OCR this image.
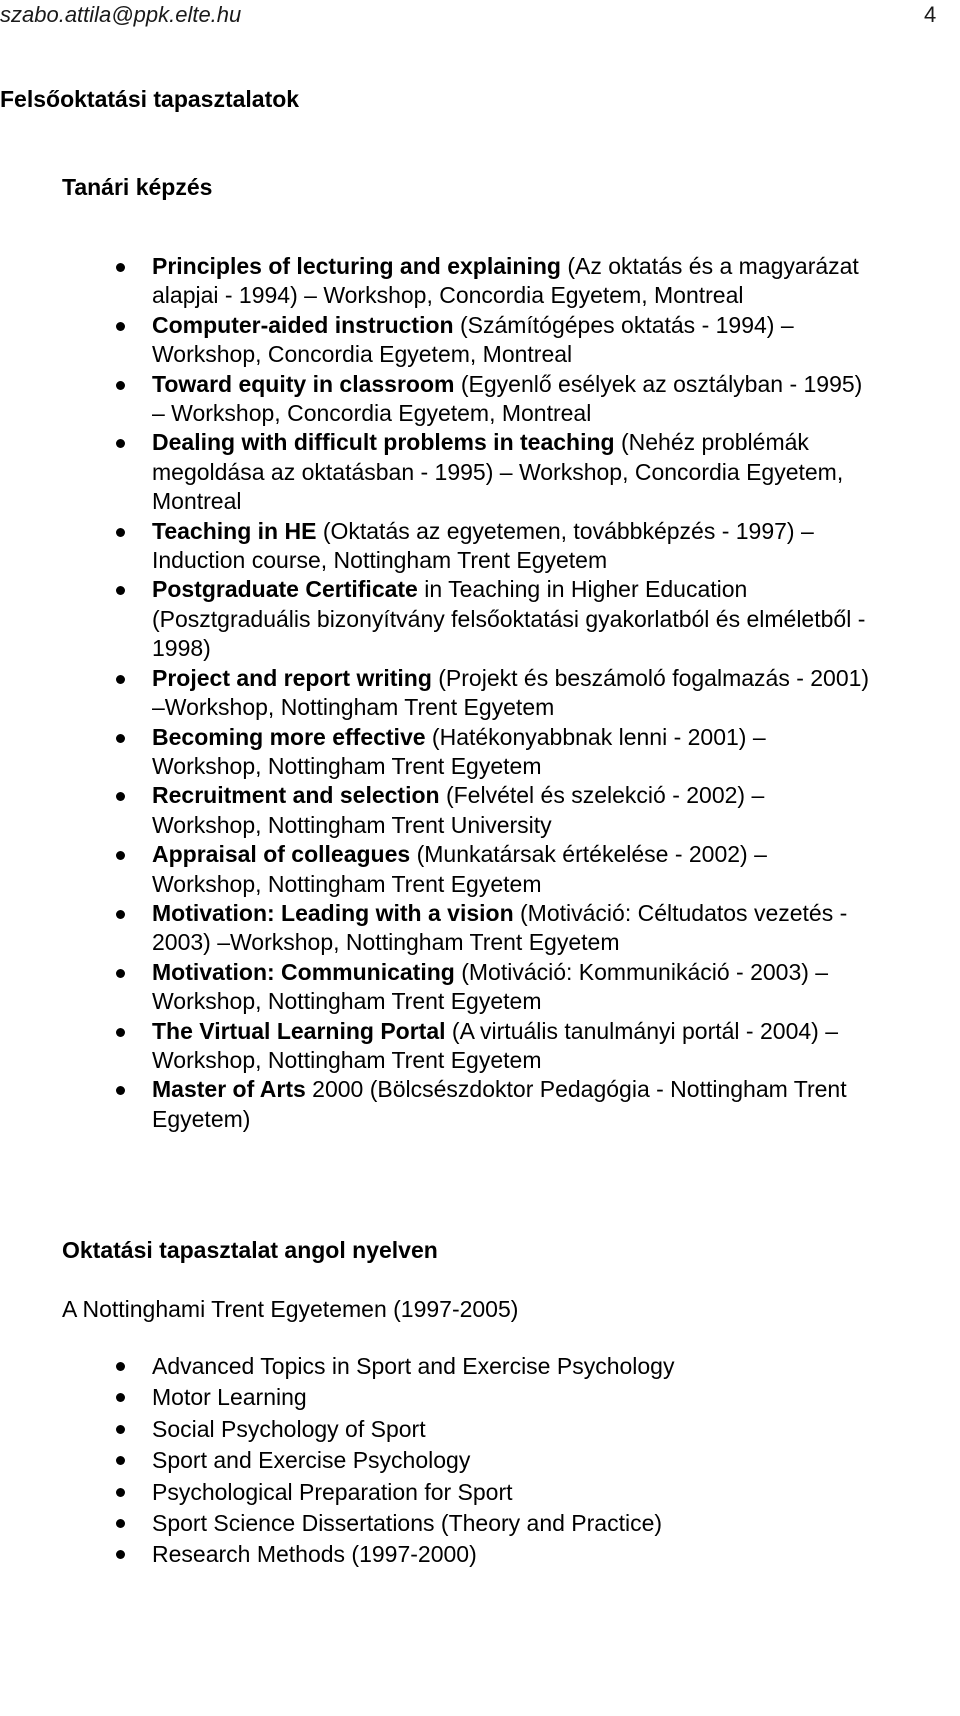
szabo.attila@ppk.elte.hu	4
Felsőoktatási tapasztalatok
Tanári képzés
Principles of lecturing and explaining (Az oktatás és a magyarázat alapjai - 1994) – Workshop, Concordia Egyetem, Montreal
Computer-aided instruction (Számítógépes oktatás - 1994) – Workshop, Concordia Egyetem, Montreal
Toward equity in classroom (Egyenlő esélyek az osztályban - 1995) – Workshop, Concordia Egyetem, Montreal
Dealing with difficult problems in teaching (Nehéz problémák megoldása az oktatásban - 1995) – Workshop, Concordia Egyetem, Montreal
Teaching in HE (Oktatás az egyetemen, továbbképzés - 1997) – Induction course, Nottingham Trent Egyetem
Postgraduate Certificate in Teaching in Higher Education (Posztgraduális bizonyítvány felsőoktatási gyakorlatból és elméletből - 1998)
Project and report writing (Projekt és beszámoló fogalmazás - 2001) –Workshop, Nottingham Trent Egyetem
Becoming more effective (Hatékonyabbnak lenni - 2001) – Workshop, Nottingham Trent Egyetem
Recruitment and selection (Felvétel és szelekció - 2002) – Workshop, Nottingham Trent University
Appraisal of colleagues (Munkatársak értékelése - 2002) – Workshop, Nottingham Trent Egyetem
Motivation: Leading with a vision (Motiváció: Céltudatos vezetés - 2003) –Workshop, Nottingham Trent Egyetem
Motivation: Communicating (Motiváció: Kommunikáció - 2003) –Workshop, Nottingham Trent Egyetem
The Virtual Learning Portal (A virtuális tanulmányi portál - 2004) –Workshop, Nottingham Trent Egyetem
Master of Arts 2000 (Bölcsészdoktor Pedagógia - Nottingham Trent Egyetem)
Oktatási tapasztalat angol nyelven
A Nottinghami Trent Egyetemen (1997-2005)
Advanced Topics in Sport and Exercise Psychology
Motor Learning
Social Psychology of Sport
Sport and Exercise Psychology
Psychological Preparation for Sport
Sport Science Dissertations (Theory and Practice)
Research Methods (1997-2000)
